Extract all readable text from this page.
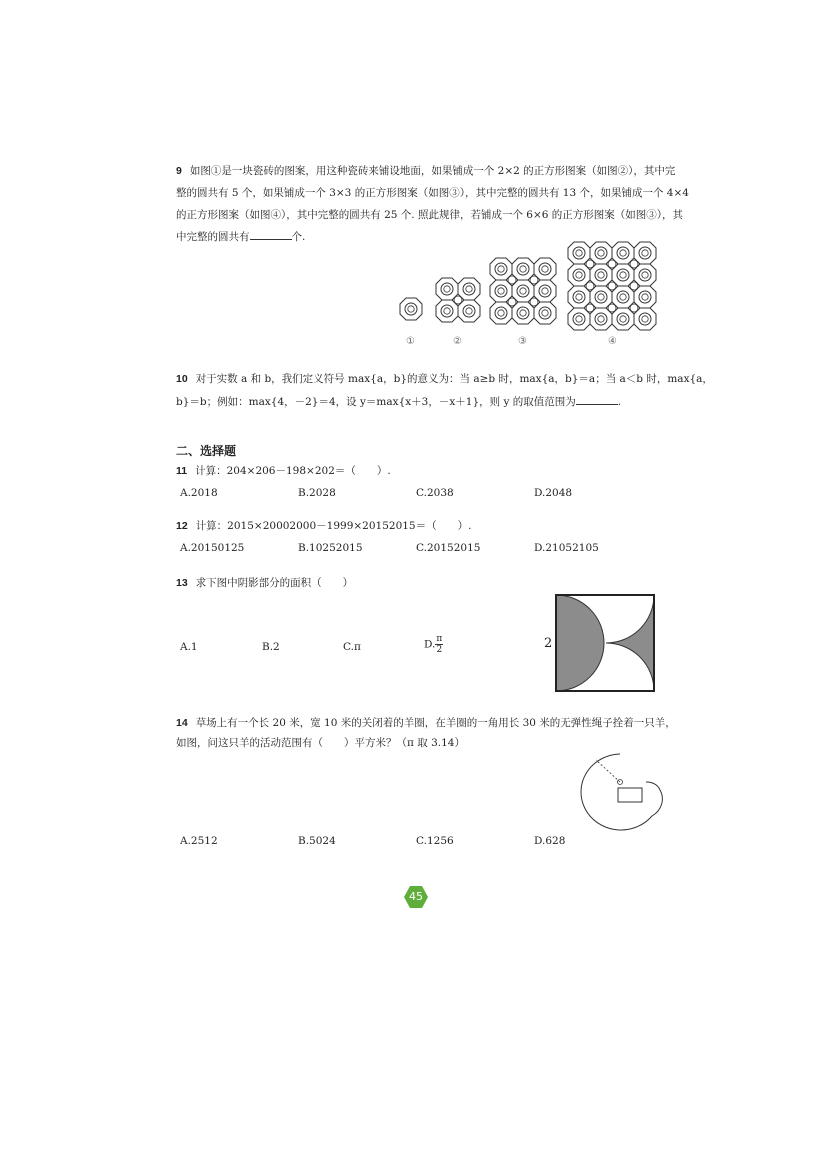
9 如图①是一块瓷砖的图案，用这种瓷砖来铺设地面，如果铺成一个 2×2 的正方形图案（如图②），其中完
整的圆共有 5 个，如果铺成一个 3×3 的正方形图案（如图③），其中完整的圆共有 13 个，如果铺成一个 4×4
的正方形图案（如图④），其中完整的圆共有 25 个. 照此规律，若铺成一个 6×6 的正方形图案（如图③），其
中完整的圆共有	个.
①	②	③	④
10 对于实数 a 和 b，我们定义符号 max{a，b}的意义为：当 a≥b 时，max{a，b}＝a；当 a＜b 时，max{a，
b}＝b；例如：max{4，－2}＝4，设 y＝max{x＋3，－x＋1}，则 y 的取值范围为	.
二、选择题
11 计算：204×206－198×202＝（　　）.
A.2018	B.2028	C.2038	D.2048
12 计算：2015×20002000－1999×20152015＝（　　）.
A.20150125	B.10252015	C.20152015	D.21052105
13 求下图中阴影部分的面积（　　）
A.1	B.2	C.π	D. $\frac{\pi}{2}$	2
14 草场上有一个长 20 米，宽 10 米的关闭着的羊圈，在羊圈的一角用长 30 米的无弹性绳子拴着一只羊，
如图，问这只羊的活动范围有（　　）平方米？（π 取 3.14）
A.2512	B.5024	C.1256	D.628
45
